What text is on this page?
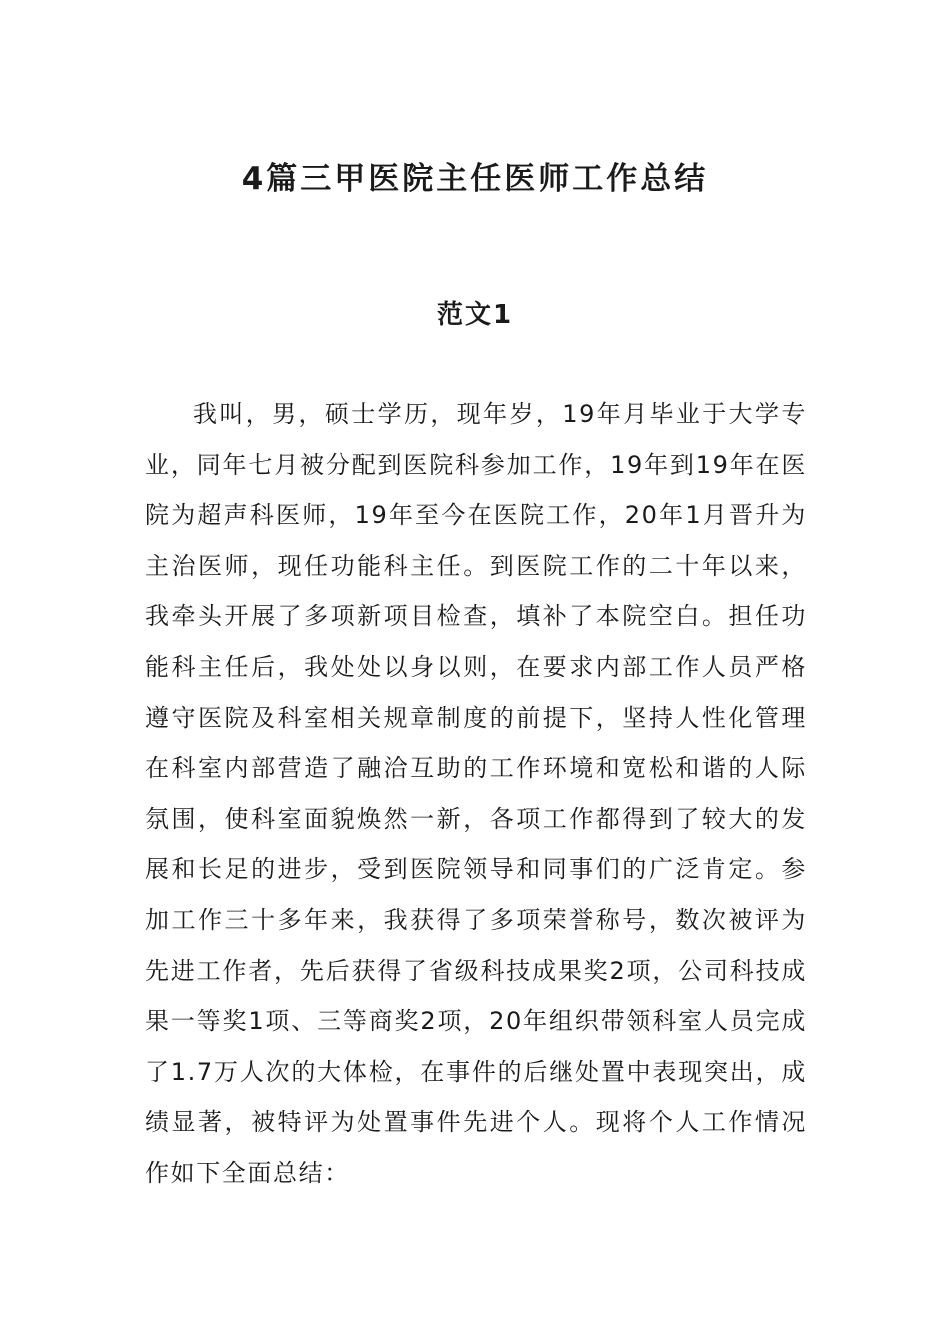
4篇三甲医院主任医师工作总结
范文1

我叫，男，硕士学历，现年岁，19年月毕业于大学专业，同年七月被分配到医院科参加工作，19年到19年在医院为超声科医师，19年至今在医院工作，20年1月晋升为主治医师，现任功能科主任。到医院工作的二十年以来，我牵头开展了多项新项目检查，填补了本院空白。担任功能科主任后，我处处以身以则，在要求内部工作人员严格遵守医院及科室相关规章制度的前提下，坚持人性化管理在科室内部营造了融洽互助的工作环境和宽松和谐的人际氛围，使科室面貌焕然一新，各项工作都得到了较大的发展和长足的进步，受到医院领导和同事们的广泛肯定。参加工作三十多年来，我获得了多项荣誉称号，数次被评为先进工作者，先后获得了省级科技成果奖2项，公司科技成果一等奖1项、三等商奖2项，20年组织带领科室人员完成了1.7万人次的大体检，在事件的后继处置中表现突出，成绩显著，被特评为处置事件先进个人。现将个人工作情况作如下全面总结：
